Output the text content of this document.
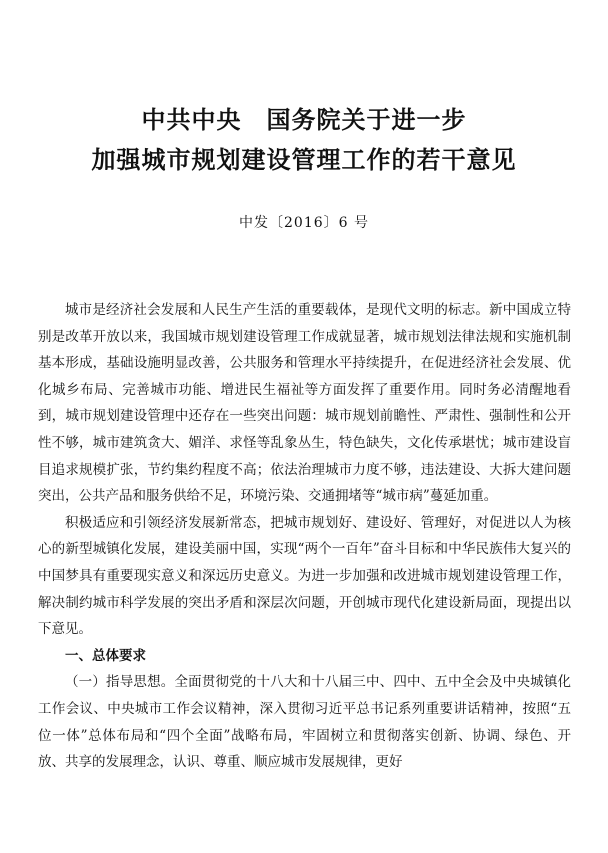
中共中央　国务院关于进一步
加强城市规划建设管理工作的若干意见
中发〔2016〕6 号

城市是经济社会发展和人民生产生活的重要载体，是现代文明的标志。新中国成立特别是改革开放以来，我国城市规划建设管理工作成就显著，城市规划法律法规和实施机制基本形成，基础设施明显改善，公共服务和管理水平持续提升，在促进经济社会发展、优化城乡布局、完善城市功能、增进民生福祉等方面发挥了重要作用。同时务必清醒地看到，城市规划建设管理中还存在一些突出问题：城市规划前瞻性、严肃性、强制性和公开性不够，城市建筑贪大、媚洋、求怪等乱象丛生，特色缺失，文化传承堪忧；城市建设盲目追求规模扩张，节约集约程度不高；依法治理城市力度不够，违法建设、大拆大建问题突出，公共产品和服务供给不足，环境污染、交通拥堵等“城市病”蔓延加重。

积极适应和引领经济发展新常态，把城市规划好、建设好、管理好，对促进以人为核心的新型城镇化发展，建设美丽中国，实现“两个一百年”奋斗目标和中华民族伟大复兴的中国梦具有重要现实意义和深远历史意义。为进一步加强和改进城市规划建设管理工作，解决制约城市科学发展的突出矛盾和深层次问题，开创城市现代化建设新局面，现提出以下意见。

一、总体要求

（一）指导思想。全面贯彻党的十八大和十八届三中、四中、五中全会及中央城镇化工作会议、中央城市工作会议精神，深入贯彻习近平总书记系列重要讲话精神，按照“五位一体”总体布局和“四个全面”战略布局，牢固树立和贯彻落实创新、协调、绿色、开放、共享的发展理念，认识、尊重、顺应城市发展规律，更好
